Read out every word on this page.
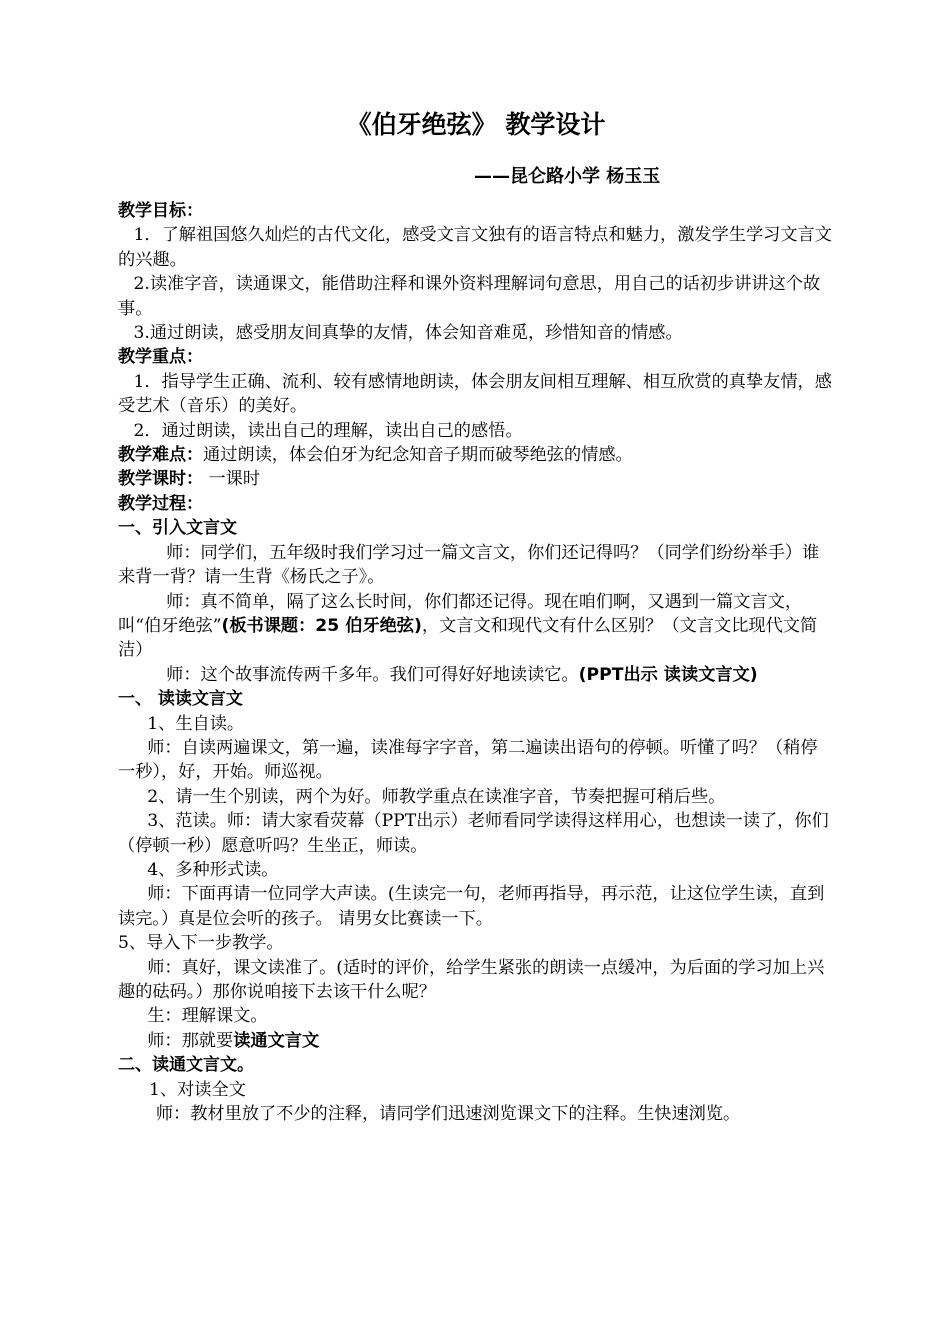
《伯牙绝弦》 教学设计
——昆仑路小学 杨玉玉

教学目标：

1．了解祖国悠久灿烂的古代文化，感受文言文独有的语言特点和魅力，激发学生学习文言文的兴趣。

2.读准字音，读通课文，能借助注释和课外资料理解词句意思，用自己的话初步讲讲这个故事。

3.通过朗读，感受朋友间真挚的友情，体会知音难觅，珍惜知音的情感。

教学重点：

1．指导学生正确、流利、较有感情地朗读，体会朋友间相互理解、相互欣赏的真挚友情，感受艺术（音乐）的美好。

2．通过朗读，读出自己的理解，读出自己的感悟。

教学难点：通过朗读，体会伯牙为纪念知音子期而破琴绝弦的情感。

教学课时： 一课时

教学过程：

一、引入文言文

师：同学们，五年级时我们学习过一篇文言文，你们还记得吗？（同学们纷纷举手）谁来背一背？请一生背《杨氏之子》。

师：真不简单，隔了这么长时间，你们都还记得。现在咱们啊，又遇到一篇文言文，叫“伯牙绝弦”(板书课题：25 伯牙绝弦)，文言文和现代文有什么区别？（文言文比现代文简洁）

师：这个故事流传两千多年。我们可得好好地读读它。(PPT出示 读读文言文)

一、 读读文言文

1、生自读。

师：自读两遍课文，第一遍，读准每字字音，第二遍读出语句的停顿。听懂了吗？（稍停一秒），好，开始。师巡视。

2、请一生个别读，两个为好。师教学重点在读准字音，节奏把握可稍后些。

3、范读。师：请大家看荧幕（PPT出示）老师看同学读得这样用心，也想读一读了，你们（停顿一秒）愿意听吗？生坐正，师读。

4、多种形式读。

师：下面再请一位同学大声读。(生读完一句，老师再指导，再示范，让这位学生读，直到读完。）真是位会听的孩子。 请男女比赛读一下。

5、导入下一步教学。

师：真好，课文读准了。(适时的评价，给学生紧张的朗读一点缓冲，为后面的学习加上兴趣的砝码。）那你说咱接下去该干什么呢？

生：理解课文。

师：那就要读通文言文

二、读通文言文。

1、对读全文

师：教材里放了不少的注释，请同学们迅速浏览课文下的注释。生快速浏览。
